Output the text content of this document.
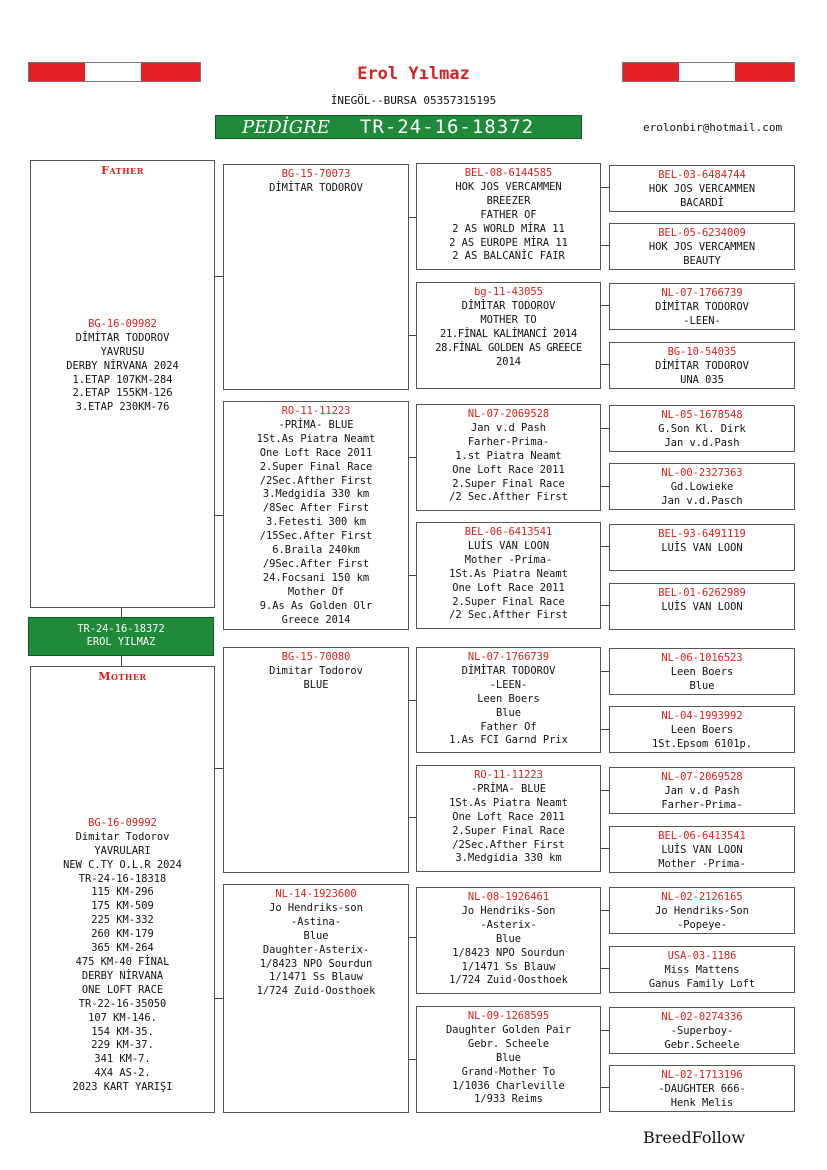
Erol Yılmaz
İNEGÖL--BURSA 05357315195
PEDİGRE TR-24-16-18372	erolonbir@hotmail.com
Father
BG-16-09982
DİMİTAR TODOROV
YAVRUSU
DERBY NİRVANA 2024
1.ETAP 107KM-284
2.ETAP 155KM-126
3.ETAP 230KM-76
TR-24-16-18372
EROL YILMAZ
Mother
BG-16-09992
Dimitar Todorov
YAVRULARI
NEW C.TY O.L.R 2024
TR-24-16-18318
115 KM-296
175 KM-509
225 KM-332
260 KM-179
365 KM-264
475 KM-40 FİNAL
DERBY NİRVANA
ONE LOFT RACE
TR-22-16-35050
107 KM-146.
154 KM-35.
229 KM-37.
341 KM-7.
4X4 AS-2.
2023 KART YARIŞI
BG-15-70073
DİMİTAR TODOROV
RO-11-11223
-PRİMA- BLUE
1St.As Piatra Neamt
One Loft Race 2011
2.Super Final Race
/2Sec.Afther First
3.Medgidia 330 km
/8Sec After First
3.Fetesti 300 km
/15Sec.After First
6.Braila 240km
/9Sec.After First
24.Focsani 150 km
Mother Of
9.As As Golden Olr
Greece 2014
BG-15-70080
Dimitar Todorov
BLUE
NL-14-1923600
Jo Hendriks-son
-Astina-
Blue
Daughter-Asterix-
1/8423 NPO Sourdun
1/1471 Ss Blauw
1/724 Zuid-Oosthoek
BEL-08-6144585
HOK JOS VERCAMMEN
BREEZER
FATHER OF
2 AS WORLD MİRA 11
2 AS EUROPE MİRA 11
2 AS BALCANİC FAIR
bg-11-43055
DİMİTAR TODOROV
MOTHER TO
21.FİNAL KALİMANCİ 2014
28.FİNAL GOLDEN AS GREECE
2014
NL-07-2069528
Jan v.d Pash
Farher-Prima-
1.st Piatra Neamt
One Loft Race 2011
2.Super Final Race
/2 Sec.Afther First
BEL-06-6413541
LUİS VAN LOON
Mother -Prima-
1St.As Piatra Neamt
One Loft Race 2011
2.Super Final Race
/2 Sec.Afther First
NL-07-1766739
DİMİTAR TODOROV
-LEEN-
Leen Boers
Blue
Father Of
1.As FCI Garnd Prix
RO-11-11223
-PRİMA- BLUE
1St.As Piatra Neamt
One Loft Race 2011
2.Super Final Race
/2Sec.Afther First
3.Medgidia 330 km
NL-08-1926461
Jo Hendriks-Son
-Asterix-
Blue
1/8423 NPO Sourdun
1/1471 Ss Blauw
1/724 Zuid-Oosthoek
NL-09-1268595
Daughter Golden Pair
Gebr. Scheele
Blue
Grand-Mother To
1/1036 Charleville
1/933 Reims
BEL-03-6484744
HOK JOS VERCAMMEN
BACARDİ
BEL-05-6234009
HOK JOS VERCAMMEN
BEAUTY
NL-07-1766739
DİMİTAR TODOROV
-LEEN-
BG-10-54035
DİMİTAR TODOROV
UNA 035
NL-05-1678548
G.Son Kl. Dirk
Jan v.d.Pash
NL-00-2327363
Gd.Lowieke
Jan v.d.Pasch
BEL-93-6491119
LUİS VAN LOON
BEL-01-6262989
LUİS VAN LOON
NL-06-1016523
Leen Boers
Blue
NL-04-1993992
Leen Boers
1St.Epsom 6101p.
NL-07-2069528
Jan v.d Pash
Farher-Prima-
BEL-06-6413541
LUİS VAN LOON
Mother -Prima-
NL-02-2126165
Jo Hendriks-Son
-Popeye-
USA-03-1186
Miss Mattens
Ganus Family Loft
NL-02-0274336
-Superboy-
Gebr.Scheele
NL-02-1713196
-DAUGHTER 666-
Henk Melis
BreedFollow
